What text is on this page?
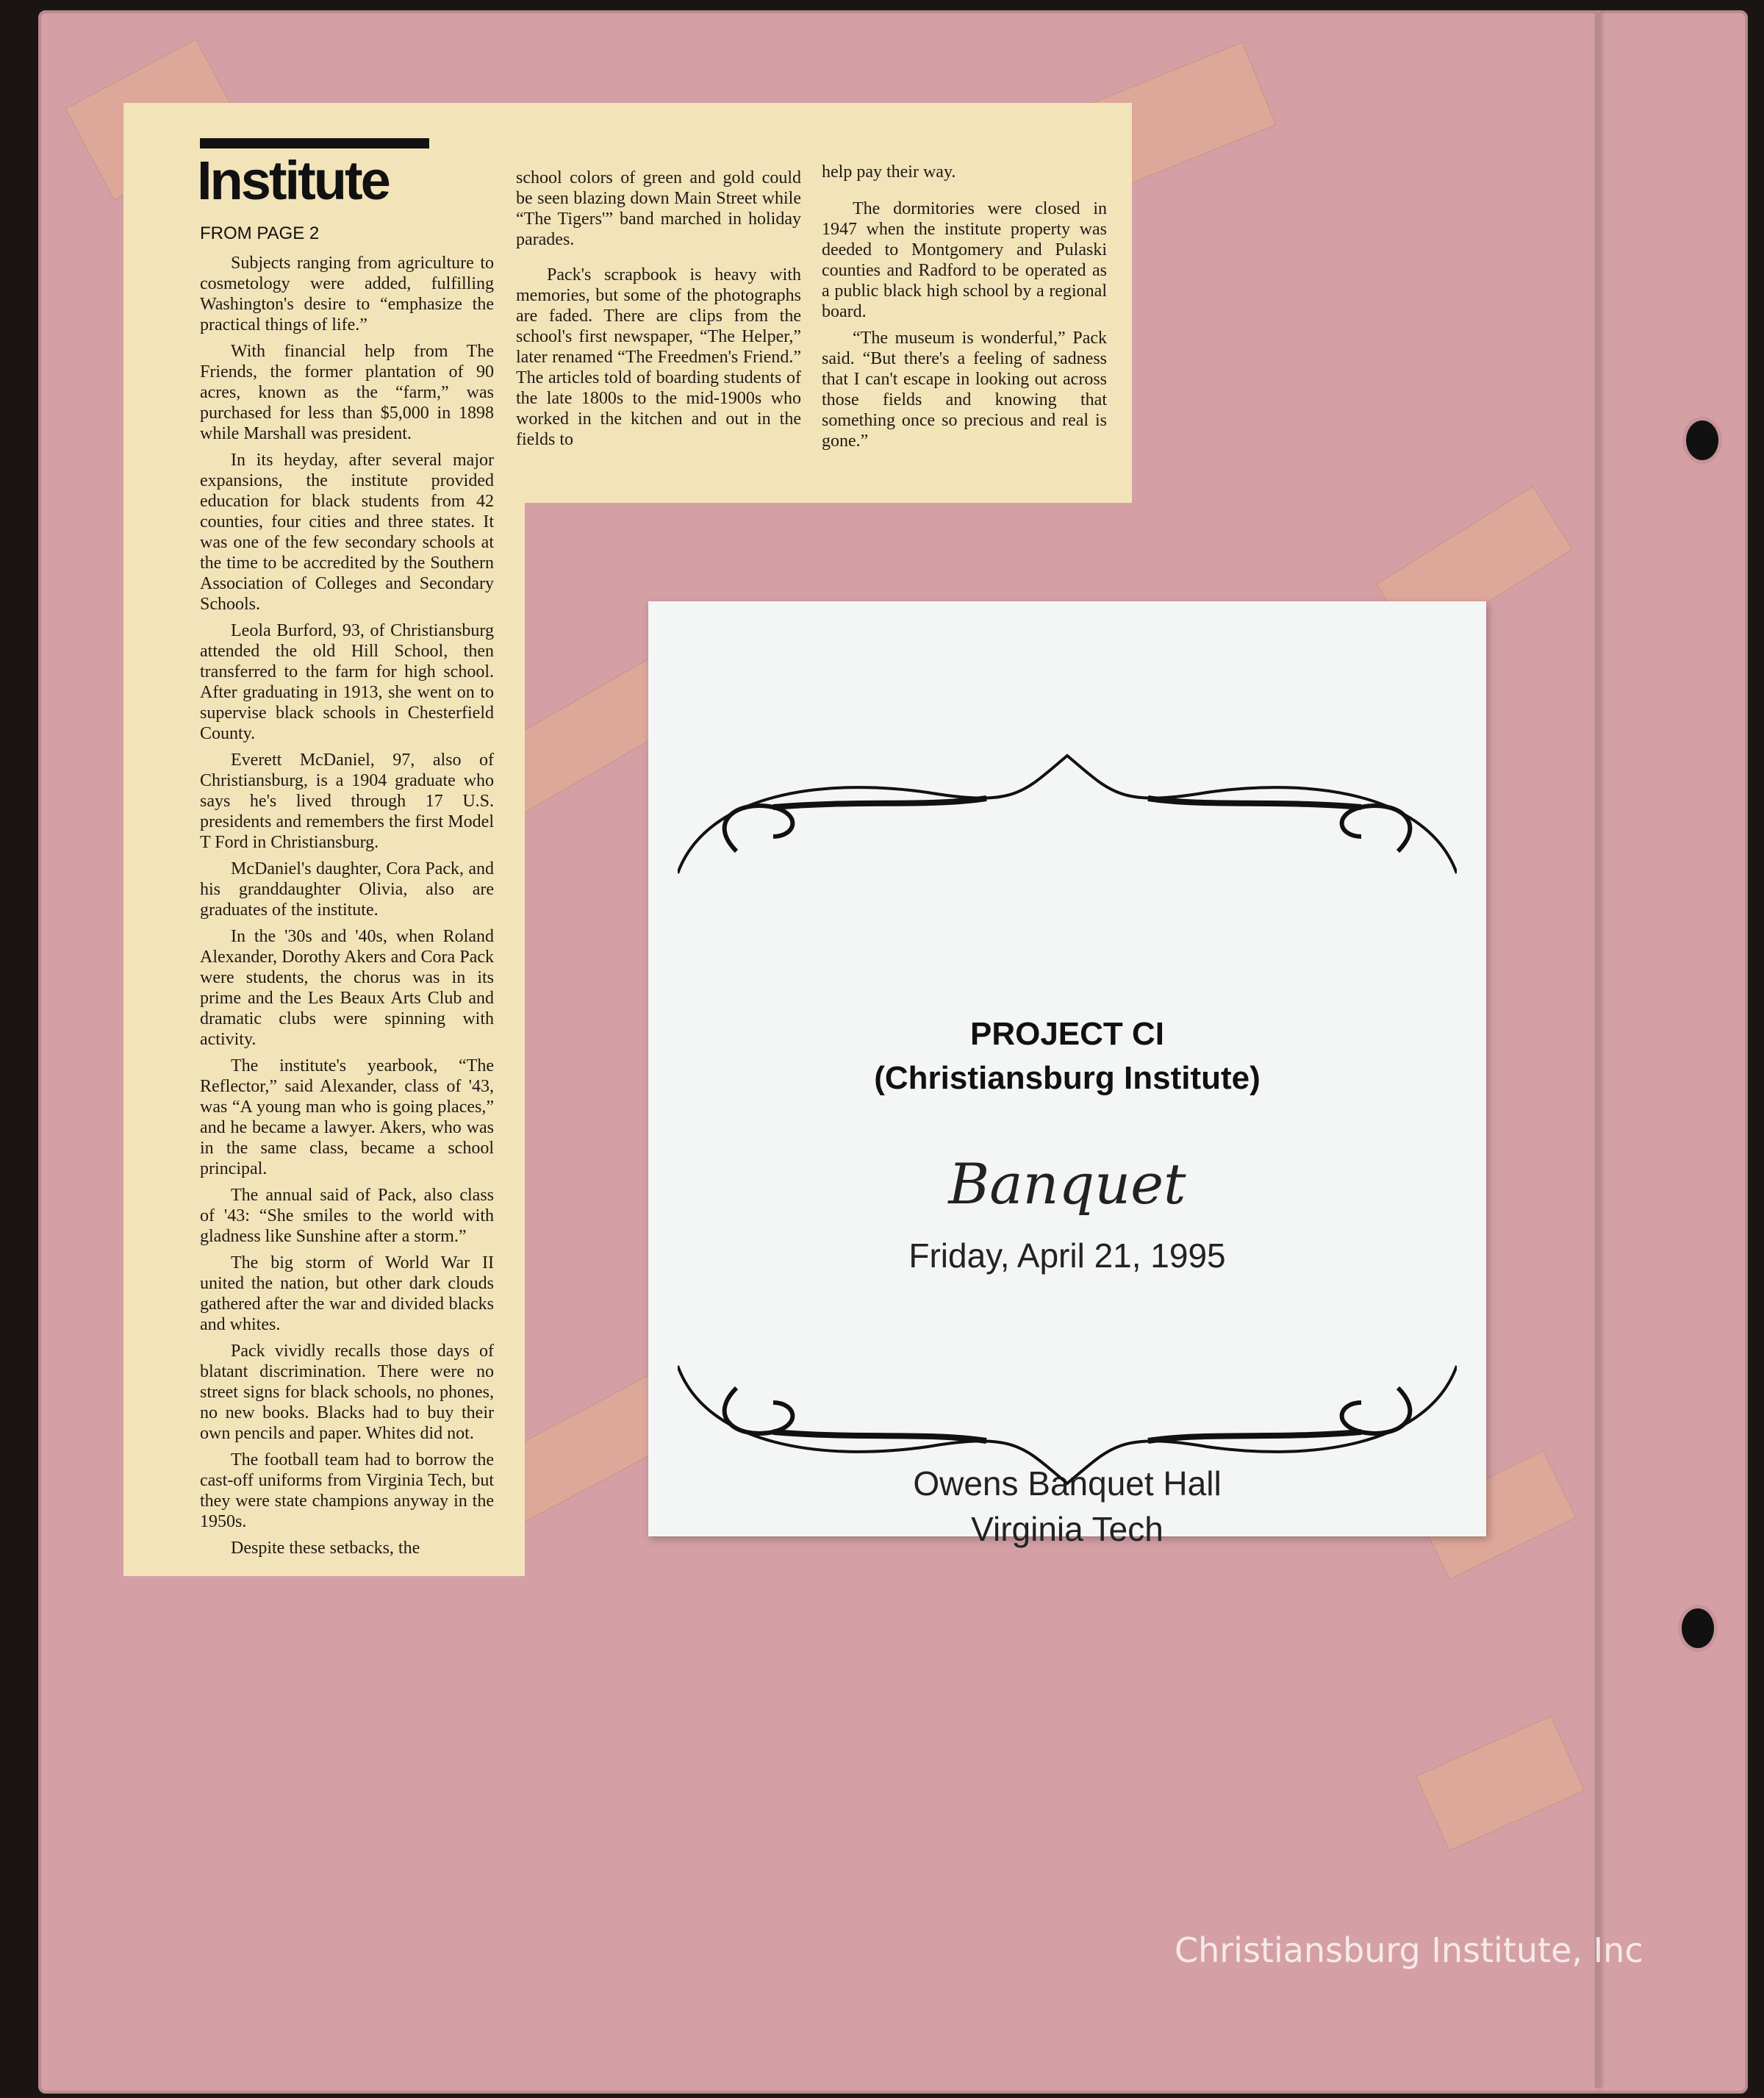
Institute
FROM PAGE 2

Subjects ranging from agriculture to cosmetology were added, fulfilling Washington's desire to “emphasize the practical things of life.”

With financial help from The Friends, the former plantation of 90 acres, known as the “farm,” was purchased for less than $5,000 in 1898 while Marshall was president.

In its heyday, after several major expansions, the institute provided education for black students from 42 counties, four cities and three states. It was one of the few secondary schools at the time to be accredited by the Southern Association of Colleges and Secondary Schools.

Leola Burford, 93, of Christiansburg attended the old Hill School, then transferred to the farm for high school. After graduating in 1913, she went on to supervise black schools in Chesterfield County.

Everett McDaniel, 97, also of Christiansburg, is a 1904 graduate who says he's lived through 17 U.S. presidents and remembers the first Model T Ford in Christiansburg.

McDaniel's daughter, Cora Pack, and his granddaughter Olivia, also are graduates of the institute.

In the '30s and '40s, when Roland Alexander, Dorothy Akers and Cora Pack were students, the chorus was in its prime and the Les Beaux Arts Club and dramatic clubs were spinning with activity.

The institute's yearbook, “The Reflector,” said Alexander, class of '43, was “A young man who is going places,” and he became a lawyer. Akers, who was in the same class, became a school principal.

The annual said of Pack, also class of '43: “She smiles to the world with gladness like Sunshine after a storm.”

The big storm of World War II united the nation, but other dark clouds gathered after the war and divided blacks and whites.

Pack vividly recalls those days of blatant discrimination. There were no street signs for black schools, no phones, no new books. Blacks had to buy their own pencils and paper. Whites did not.

The football team had to borrow the cast-off uniforms from Virginia Tech, but they were state champions anyway in the 1950s.

Despite these setbacks, the

school colors of green and gold could be seen blazing down Main Street while “The Tigers'” band marched in holiday parades.

Pack's scrapbook is heavy with memories, but some of the photographs are faded. There are clips from the school's first newspaper, “The Helper,” later renamed “The Freedmen's Friend.” The articles told of boarding students of the late 1800s to the mid-1900s who worked in the kitchen and out in the fields to

help pay their way.

The dormitories were closed in 1947 when the institute property was deeded to Montgomery and Pulaski counties and Radford to be operated as a public black high school by a regional board.

“The museum is wonderful,” Pack said. “But there's a feeling of sadness that I can't escape in looking out across those fields and knowing that something once so precious and real is gone.”

PROJECT CI
(Christiansburg Institute)
Banquet
Friday, April 21, 1995
Owens Banquet Hall
Virginia Tech
Christiansburg Institute, Inc
